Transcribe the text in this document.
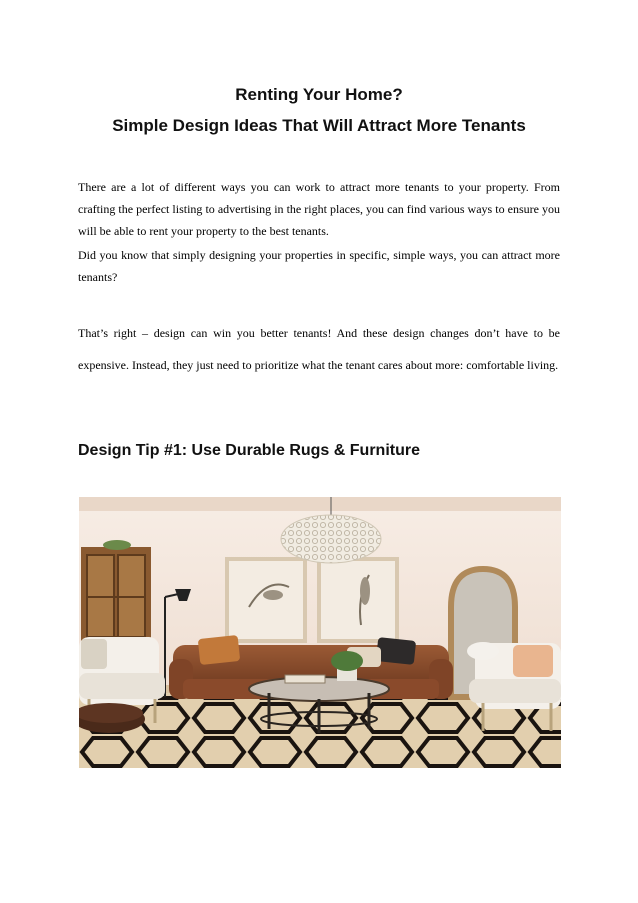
Renting Your Home?
Simple Design Ideas That Will Attract More Tenants
There are a lot of different ways you can work to attract more tenants to your property. From crafting the perfect listing to advertising in the right places, you can find various ways to ensure you will be able to rent your property to the best tenants.
Did you know that simply designing your properties in specific, simple ways, you can attract more tenants?
That’s right – design can win you better tenants! And these design changes don’t have to be expensive. Instead, they just need to prioritize what the tenant cares about more: comfortable living.
Design Tip #1: Use Durable Rugs & Furniture
